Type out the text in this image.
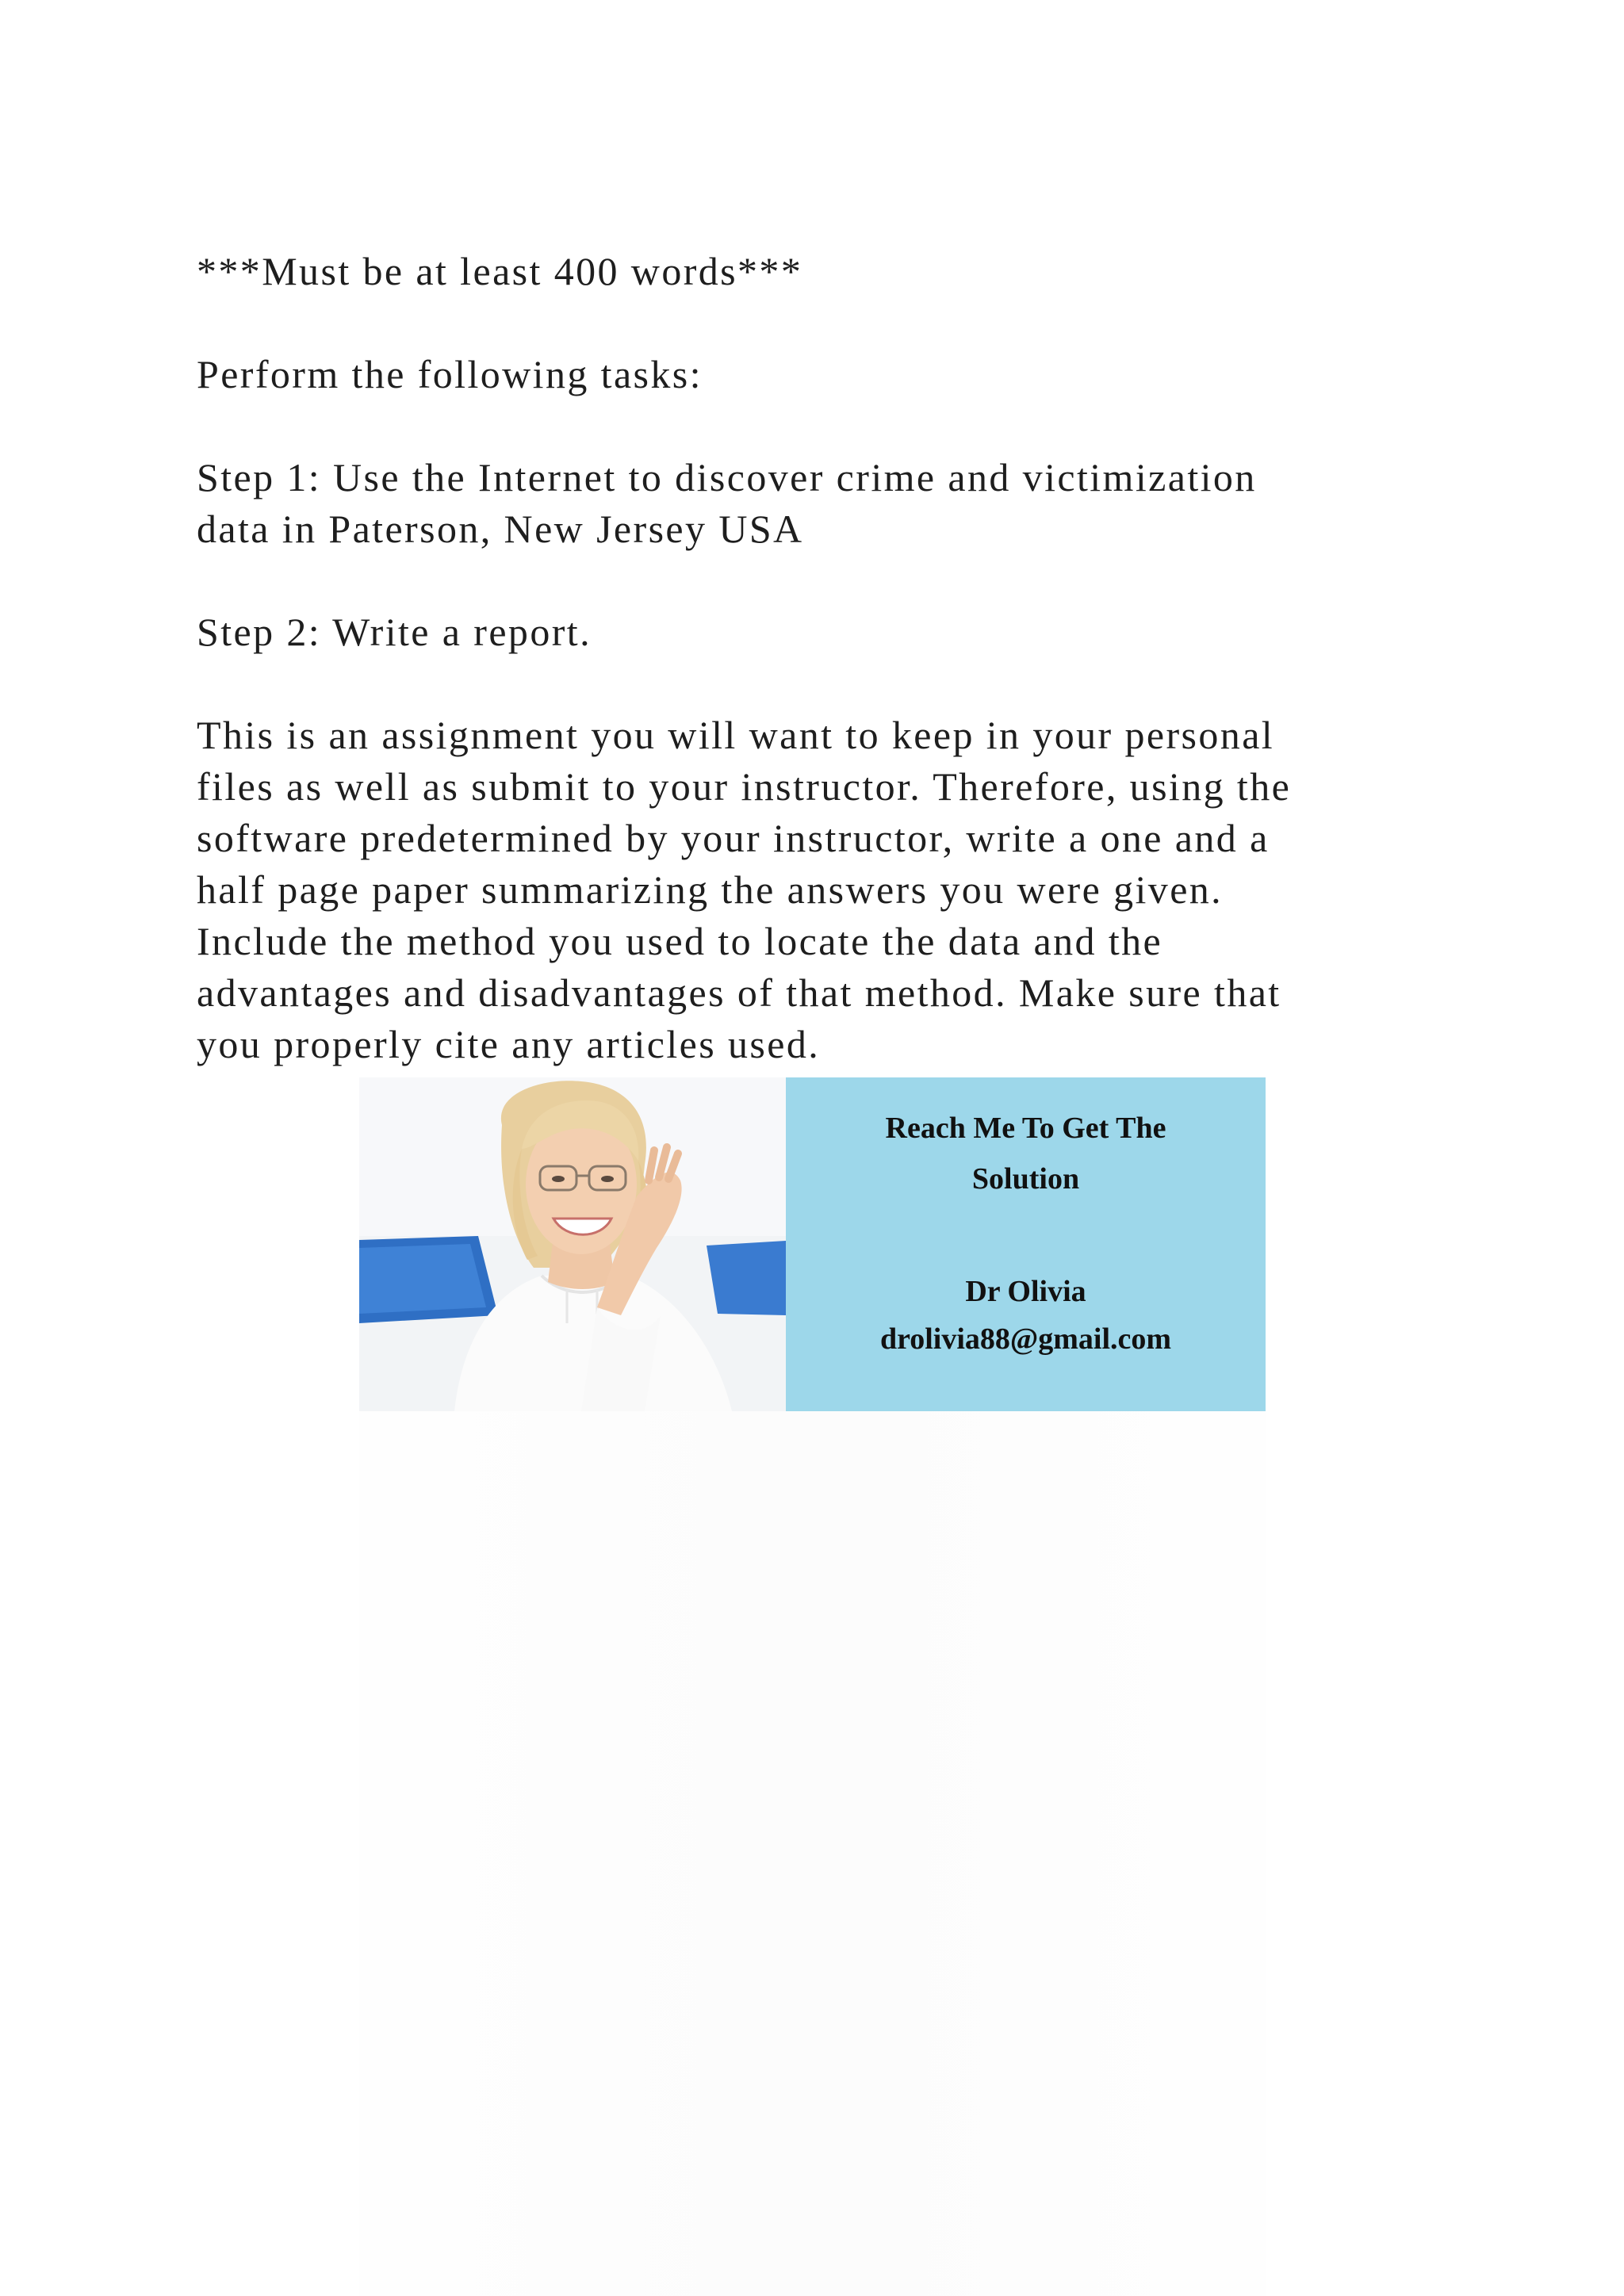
***Must be at least 400 words***

Perform the following tasks:

Step 1: Use the Internet to discover crime and victimization
data in Paterson, New Jersey USA

Step 2: Write a report.

This is an assignment you will want to keep in your personal
files as well as submit to your instructor. Therefore, using the
software predetermined by your instructor, write a one and a
half page paper summarizing the answers you were given.
Include the method you used to locate the data and the
advantages and disadvantages of that method. Make sure that
you properly cite any articles used.

Reach Me To Get The
Solution
Dr Olivia
drolivia88@gmail.com
